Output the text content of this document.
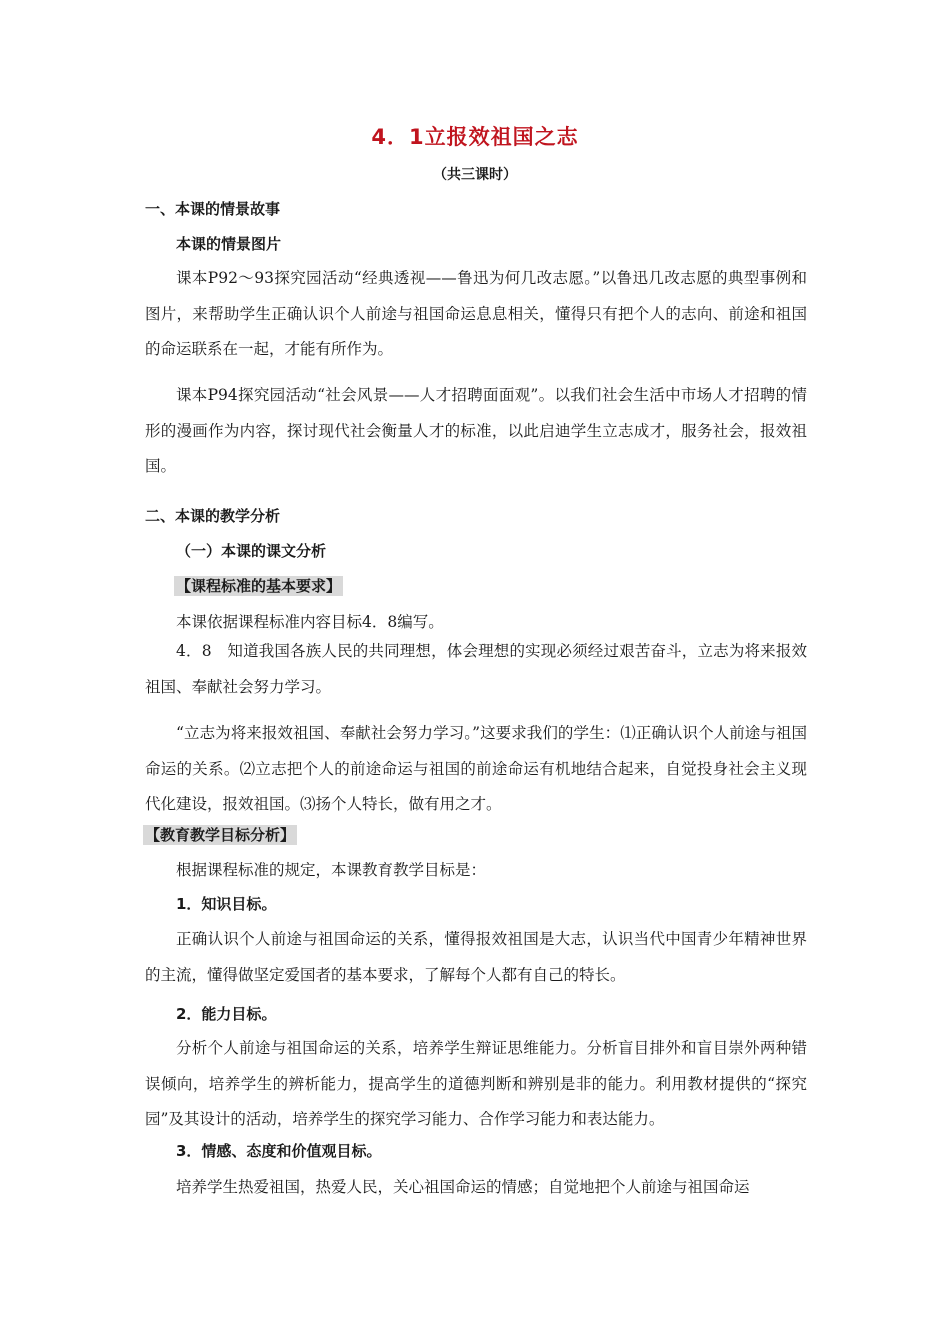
4．1立报效祖国之志
（共三课时）
一、本课的情景故事
本课的情景图片
课本P92～93探究园活动“经典透视——鲁迅为何几改志愿。”以鲁迅几改志愿的典型事例和图片，来帮助学生正确认识个人前途与祖国命运息息相关，懂得只有把个人的志向、前途和祖国的命运联系在一起，才能有所作为。
课本P94探究园活动“社会风景——人才招聘面面观”。以我们社会生活中市场人才招聘的情形的漫画作为内容，探讨现代社会衡量人才的标准，以此启迪学生立志成才，服务社会，报效祖国。
二、本课的教学分析
（一）本课的课文分析
【课程标准的基本要求】
本课依据课程标准内容目标4．8编写。
4．8　知道我国各族人民的共同理想，体会理想的实现必须经过艰苦奋斗，立志为将来报效祖国、奉献社会努力学习。
“立志为将来报效祖国、奉献社会努力学习。”这要求我们的学生：⑴正确认识个人前途与祖国命运的关系。⑵立志把个人的前途命运与祖国的前途命运有机地结合起来，自觉投身社会主义现代化建设，报效祖国。⑶扬个人特长，做有用之才。
【教育教学目标分析】
根据课程标准的规定，本课教育教学目标是：
1．知识目标。
正确认识个人前途与祖国命运的关系，懂得报效祖国是大志，认识当代中国青少年精神世界的主流，懂得做坚定爱国者的基本要求，了解每个人都有自己的特长。
2．能力目标。
分析个人前途与祖国命运的关系，培养学生辩证思维能力。分析盲目排外和盲目崇外两种错误倾向，培养学生的辨析能力，提高学生的道德判断和辨别是非的能力。利用教材提供的“探究园”及其设计的活动，培养学生的探究学习能力、合作学习能力和表达能力。
3．情感、态度和价值观目标。
培养学生热爱祖国，热爱人民，关心祖国命运的情感；自觉地把个人前途与祖国命运
